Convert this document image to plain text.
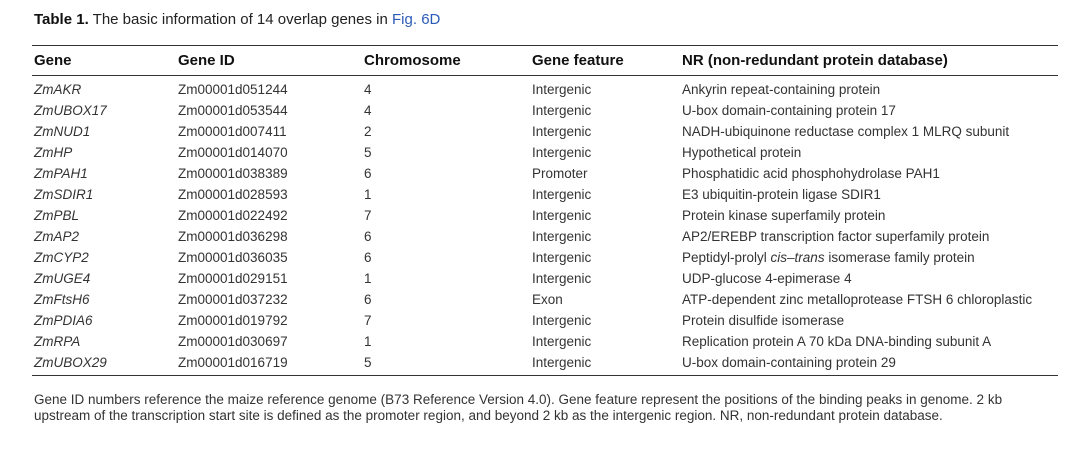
Table 1. The basic information of 14 overlap genes in Fig. 6D
Gene	Gene ID	Chromosome	Gene feature	NR (non-redundant protein database)
ZmAKR	Zm00001d051244	4	Intergenic	Ankyrin repeat-containing protein
ZmUBOX17	Zm00001d053544	4	Intergenic	U-box domain-containing protein 17
ZmNUD1	Zm00001d007411	2	Intergenic	NADH-ubiquinone reductase complex 1 MLRQ subunit
ZmHP	Zm00001d014070	5	Intergenic	Hypothetical protein
ZmPAH1	Zm00001d038389	6	Promoter	Phosphatidic acid phosphohydrolase PAH1
ZmSDIR1	Zm00001d028593	1	Intergenic	E3 ubiquitin-protein ligase SDIR1
ZmPBL	Zm00001d022492	7	Intergenic	Protein kinase superfamily protein
ZmAP2	Zm00001d036298	6	Intergenic	AP2/EREBP transcription factor superfamily protein
ZmCYP2	Zm00001d036035	6	Intergenic	Peptidyl-prolyl cis–trans isomerase family protein
ZmUGE4	Zm00001d029151	1	Intergenic	UDP-glucose 4-epimerase 4
ZmFtsH6	Zm00001d037232	6	Exon	ATP-dependent zinc metalloprotease FTSH 6 chloroplastic
ZmPDIA6	Zm00001d019792	7	Intergenic	Protein disulfide isomerase
ZmRPA	Zm00001d030697	1	Intergenic	Replication protein A 70 kDa DNA-binding subunit A
ZmUBOX29	Zm00001d016719	5	Intergenic	U-box domain-containing protein 29
Gene ID numbers reference the maize reference genome (B73 Reference Version 4.0). Gene feature represent the positions of the binding peaks in genome. 2 kb upstream of the transcription start site is defined as the promoter region, and beyond 2 kb as the intergenic region. NR, non-redundant protein database.
